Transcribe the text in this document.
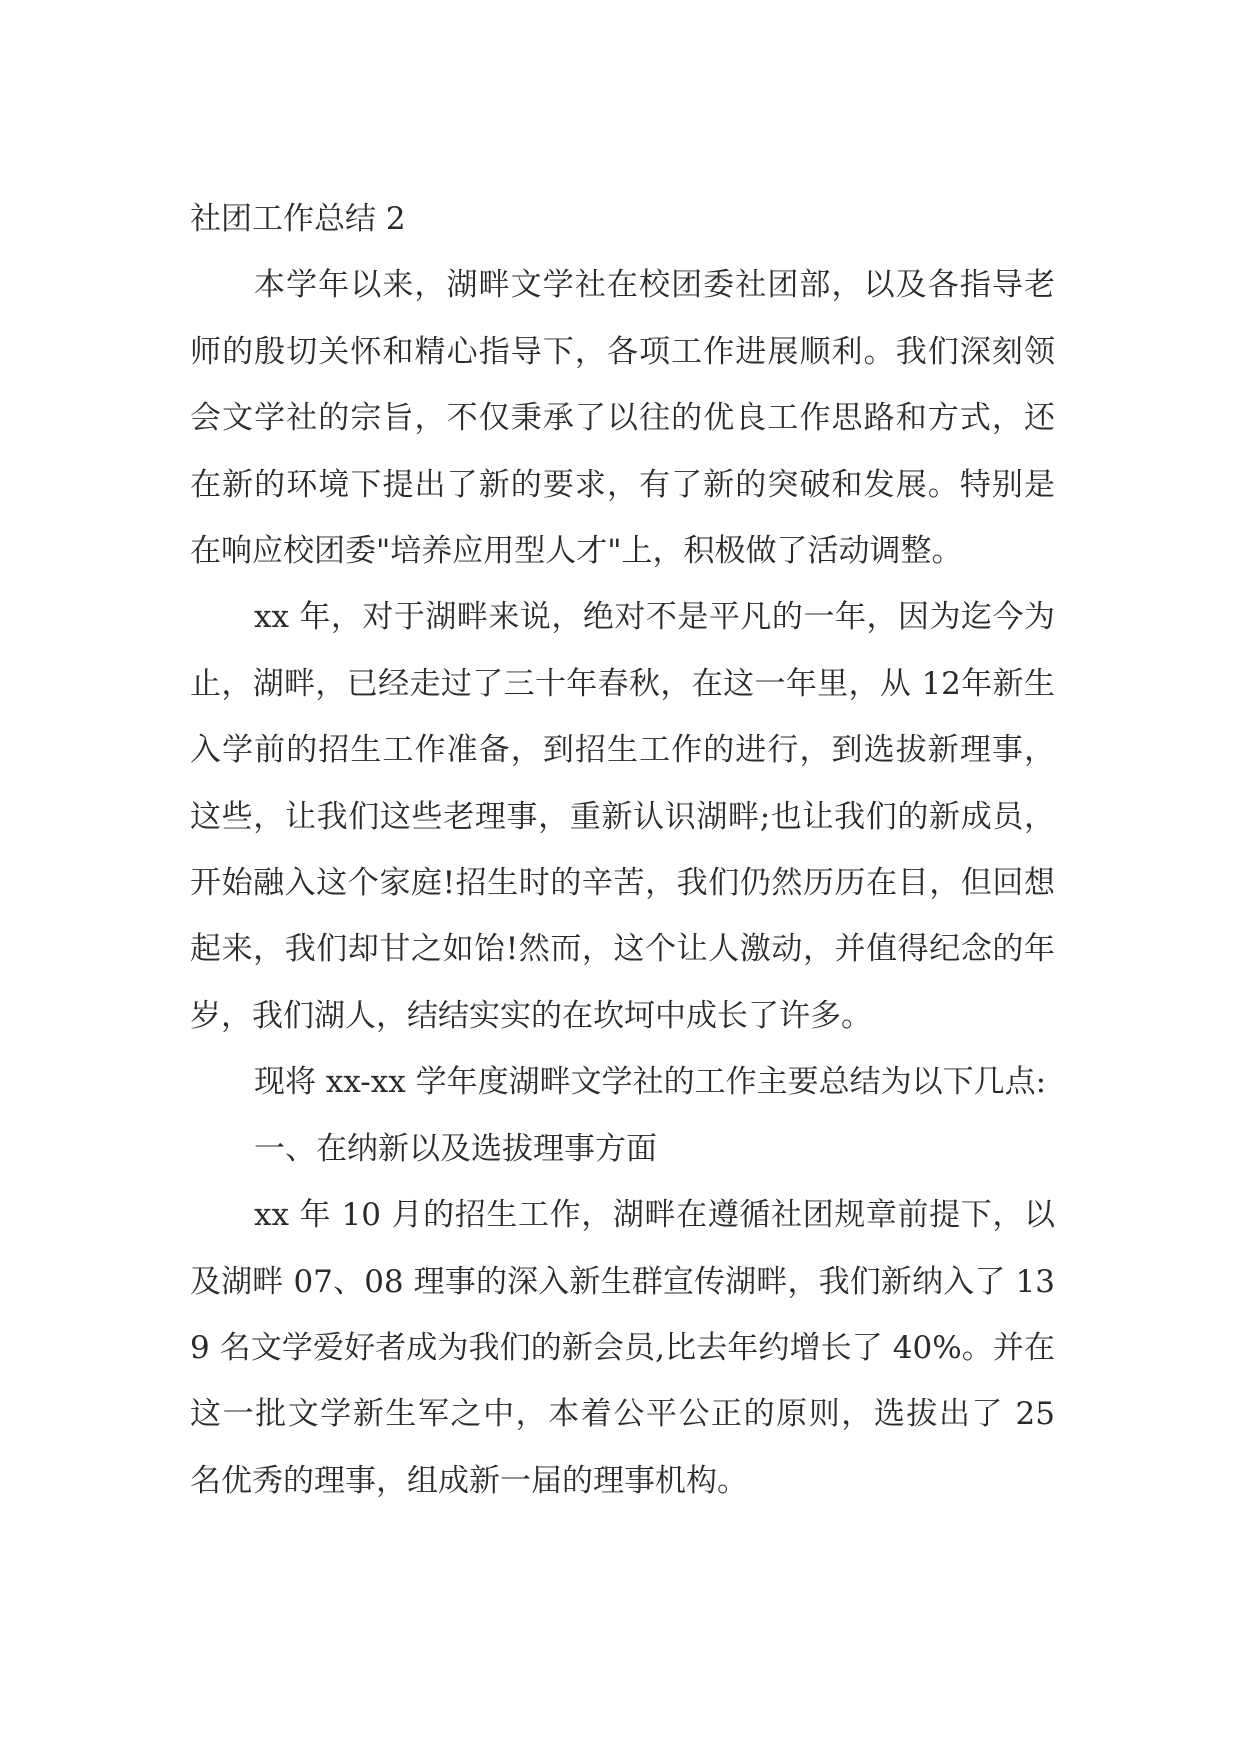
社团工作总结 2

本学年以来，湖畔文学社在校团委社团部，以及各指导老师的殷切关怀和精心指导下，各项工作进展顺利。我们深刻领会文学社的宗旨，不仅秉承了以往的优良工作思路和方式，还在新的环境下提出了新的要求，有了新的突破和发展。特别是在响应校团委"培养应用型人才"上，积极做了活动调整。

xx 年，对于湖畔来说，绝对不是平凡的一年，因为迄今为止，湖畔，已经走过了三十年春秋，在这一年里，从 12年新生入学前的招生工作准备，到招生工作的进行，到选拔新理事，这些，让我们这些老理事，重新认识湖畔;也让我们的新成员，开始融入这个家庭!招生时的辛苦，我们仍然历历在目，但回想起来，我们却甘之如饴!然而，这个让人激动，并值得纪念的年岁，我们湖人，结结实实的在坎坷中成长了许多。

现将 xx-xx 学年度湖畔文学社的工作主要总结为以下几点:

一、在纳新以及选拔理事方面

xx 年 10 月的招生工作，湖畔在遵循社团规章前提下，以及湖畔 07、08 理事的深入新生群宣传湖畔，我们新纳入了 139 名文学爱好者成为我们的新会员,比去年约增长了 40%。并在这一批文学新生军之中，本着公平公正的原则，选拔出了 25 名优秀的理事，组成新一届的理事机构。
